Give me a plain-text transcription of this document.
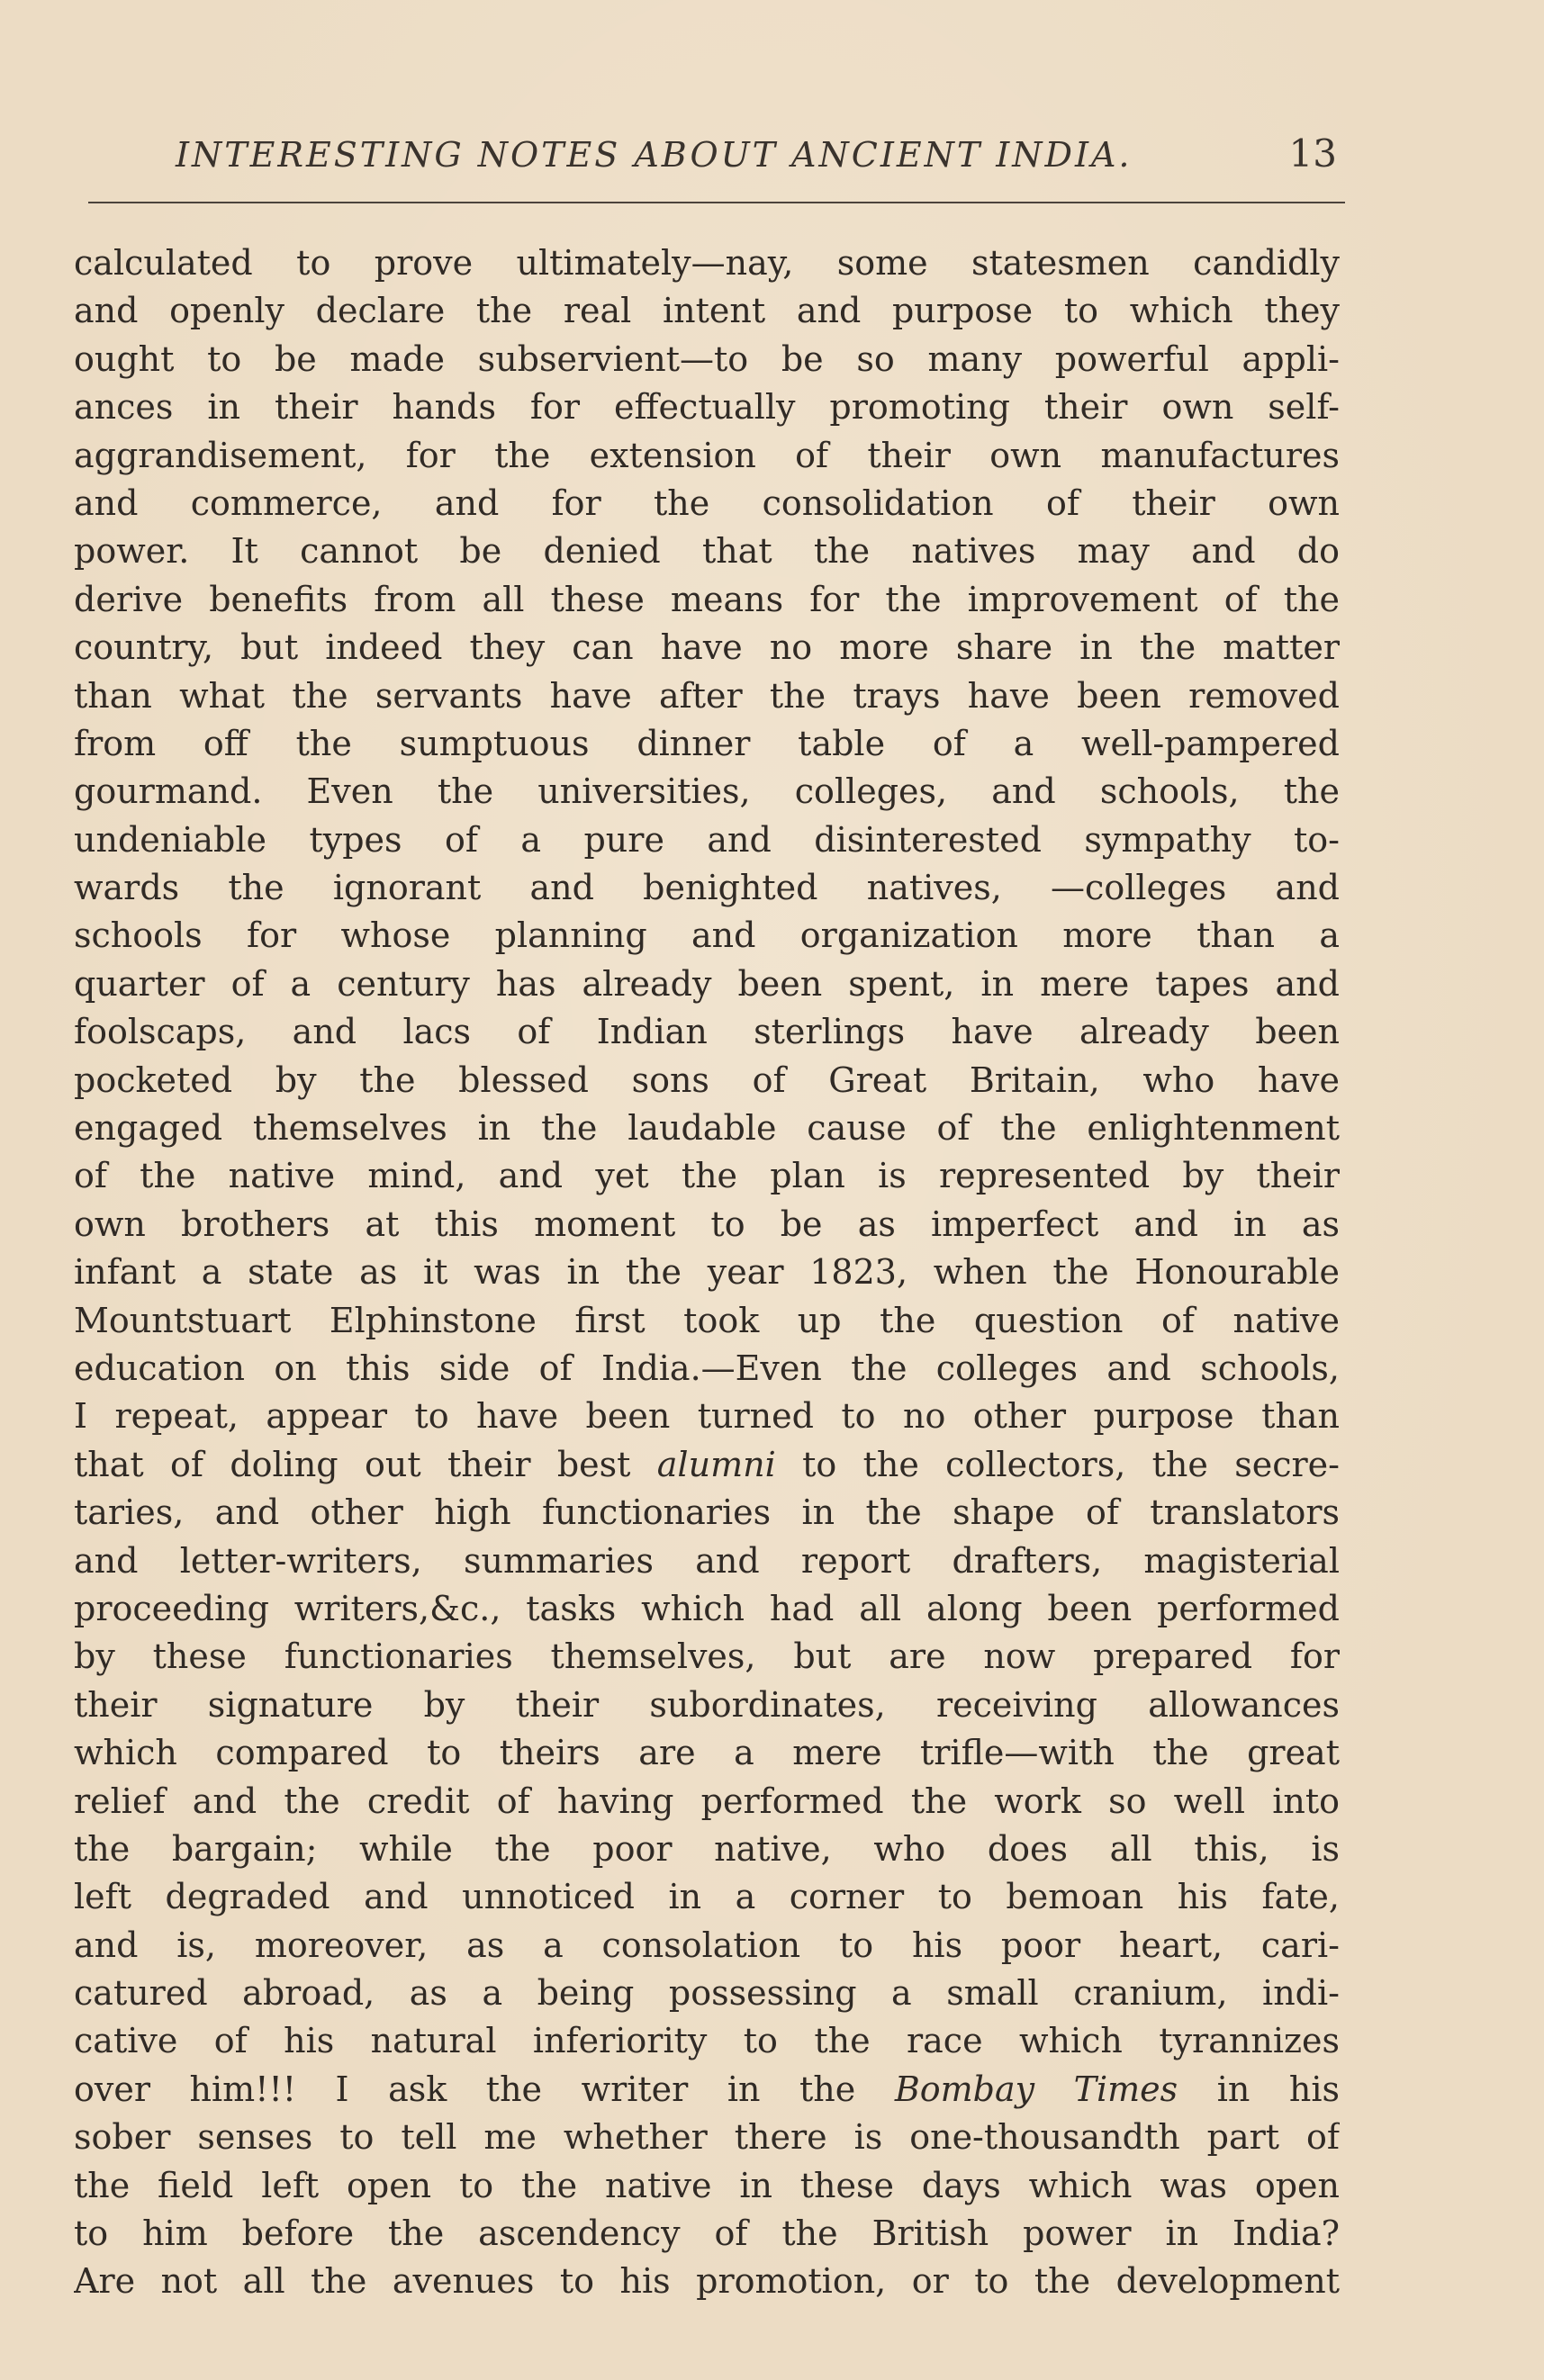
INTERESTING NOTES ABOUT ANCIENT INDIA.	13
calculated to prove ultimately—nay, some statesmen candidly
and openly declare the real intent and purpose to which they
ought to be made subservient—to be so many powerful appli-
ances in their hands for effectually promoting their own self-
aggrandisement, for the extension of their own manufactures
and commerce, and for the consolidation of their own
power. It cannot be denied that the natives may and do
derive benefits from all these means for the improvement of the
country, but indeed they can have no more share in the matter
than what the servants have after the trays have been removed
from off the sumptuous dinner table of a well-pampered
gourmand. Even the universities, colleges, and schools, the
undeniable types of a pure and disinterested sympathy to-
wards the ignorant and benighted natives, —colleges and
schools for whose planning and organization more than a
quarter of a century has already been spent, in mere tapes and
foolscaps, and lacs of Indian sterlings have already been
pocketed by the blessed sons of Great Britain, who have
engaged themselves in the laudable cause of the enlightenment
of the native mind, and yet the plan is represented by their
own brothers at this moment to be as imperfect and in as
infant a state as it was in the year 1823, when the Honourable
Mountstuart Elphinstone first took up the question of native
education on this side of India.—Even the colleges and schools,
I repeat, appear to have been turned to no other purpose than
that of doling out their best alumni to the collectors, the secre-
taries, and other high functionaries in the shape of translators
and letter-writers, summaries and report drafters, magisterial
proceeding writers,&c., tasks which had all along been performed
by these functionaries themselves, but are now prepared for
their signature by their subordinates, receiving allowances
which compared to theirs are a mere trifle—with the great
relief and the credit of having performed the work so well into
the bargain; while the poor native, who does all this, is
left degraded and unnoticed in a corner to bemoan his fate,
and is, moreover, as a consolation to his poor heart, cari-
catured abroad, as a being possessing a small cranium, indi-
cative of his natural inferiority to the race which tyrannizes
over him!!! I ask the writer in the Bombay Times in his
sober senses to tell me whether there is one-thousandth part of
the field left open to the native in these days which was open
to him before the ascendency of the British power in India?
Are not all the avenues to his promotion, or to the development
